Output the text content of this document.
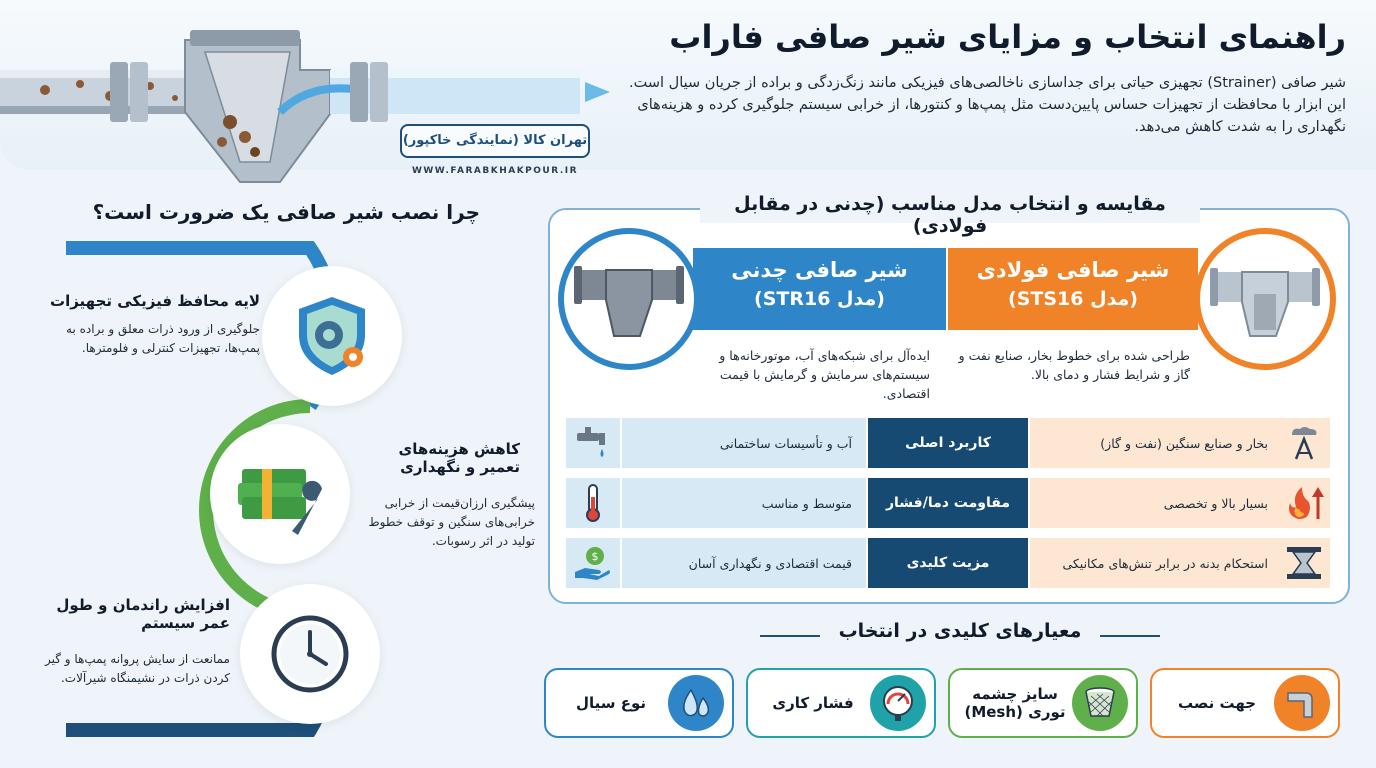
راهنمای انتخاب و مزایای شیر صافی فاراب
شیر صافی (Strainer) تجهیزی حیاتی برای جداسازی ناخالصی‌های فیزیکی مانند زنگ‌زدگی و براده از جریان سیال است. این ابزار با محافظت از تجهیزات حساس پایین‌دست مثل پمپ‌ها و کنتورها، از خرابی سیستم جلوگیری کرده و هزینه‌های نگهداری را به شدت کاهش می‌دهد.
تهران کالا (نمایندگی خاکپور)
WWW.FARABKHAKPOUR.IR
چرا نصب شیر صافی یک ضرورت است؟
لایه محافظ فیزیکی تجهیزات
جلوگیری از ورود ذرات معلق و براده به پمپ‌ها، تجهیزات کنترلی و فلومترها.
کاهش هزینه‌های تعمیر و نگهداری
پیشگیری ارزان‌قیمت از خرابی خرابی‌های سنگین و توقف خطوط تولید در اثر رسوبات.
افزایش راندمان و طول عمر سیستم
ممانعت از سایش پروانه پمپ‌ها و گیر کردن ذرات در نشیمنگاه شیرآلات.
مقایسه و انتخاب مدل مناسب (چدنی در مقابل فولادی)
شیر صافی فولادی
(مدل STS16)
شیر صافی چدنی
(مدل STR16)
طراحی شده برای خطوط بخار، صنایع نفت و گاز و شرایط فشار و دمای بالا.
ایده‌آل برای شبکه‌های آب، موتورخانه‌ها و سیستم‌های سرمایش و گرمایش با قیمت اقتصادی.
آب و تأسیسات ساختمانی	کاربرد اصلی	بخار و صنایع سنگین (نفت و گاز)
متوسط و مناسب	مقاومت دما/فشار	بسیار بالا و تخصصی
$	قیمت اقتصادی و نگهداری آسان	مزیت کلیدی	استحکام بدنه در برابر تنش‌های مکانیکی
معیارهای کلیدی در انتخاب
جهت نصب
سایز چشمه توری (Mesh)
فشار کاری
نوع سیال
